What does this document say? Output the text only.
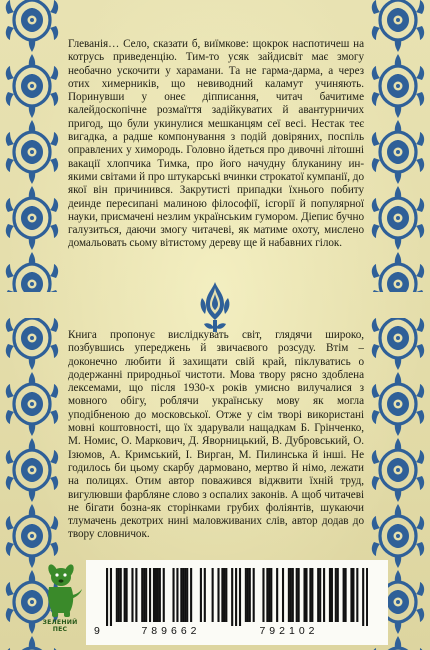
Глеванія… Село, сказати б, виїмкове: щокрок наспотичеш на котрусь приведенцію. Тим-то усяк зайдисвіт має змогу необачно ускочити у харамани. Та не гарма-дарма, а через отих химерників, що невиводний каламут учиняють. Поринувши у онеє діпписання, читач бачитиме калейдоскопічне розмаїття задійкуватих й авантурничих пригод, що були укинулися мешканцям сеї весі. Нестак теє вигадка, а радше компонування з подій довіряних, поспіль оправлених у химородь. Головно йдеться про дивочні літошні вакації хлопчика Тимка, про його начудну блуканину ин-якими світами й про штукарські вчинки строкатої кумпанії, до якої він причинився. Закрутисті припадки їхнього побиту деинде пересипані малиною філософії, ісгорії й популярної науки, присмачені незлим українським гумором. Діепис бучно галузиться, даючи змогу читачеві, як матиме охоту, мислено домальовать сьому вітистому дереву ще й набавних гілок.

Книга пропонує вислідкувать світ, глядячи широко, позбувшись упереджень й звичаєвого розсуду. Втім – доконечно любити й захищати свій край, піклуватись о додержанні природньої чистоти. Мова твору рясно здоблена лексемами, що після 1930-х років умисно вилучалися з мовного обігу, роблячи українську мову як могла уподібненою до московської. Отже у сім творі використані мовні коштовності, що їх здарували нащадкам Б. Грінченко, М. Номис, О. Маркович, Д. Яворницький, В. Дубровський, О. Ізюмов, А. Кримський, І. Вирган, М. Пилинська й інші. Не годилось би цьому скарбу дармовано, мертво й німо, лежати на полицях. Отим автор поважився віджвити їхній труд, вигулювши фарбляне слово з оспалих законів. А щоб читачеві не бігати бозна-як сторінками грубих фоліянтів, шукаючи тлумачень декотрих нині маловживаних слів, автор додав до твору словничок.

ЗЕЛЕНИЙ
ПЕС	9	789662	792102
